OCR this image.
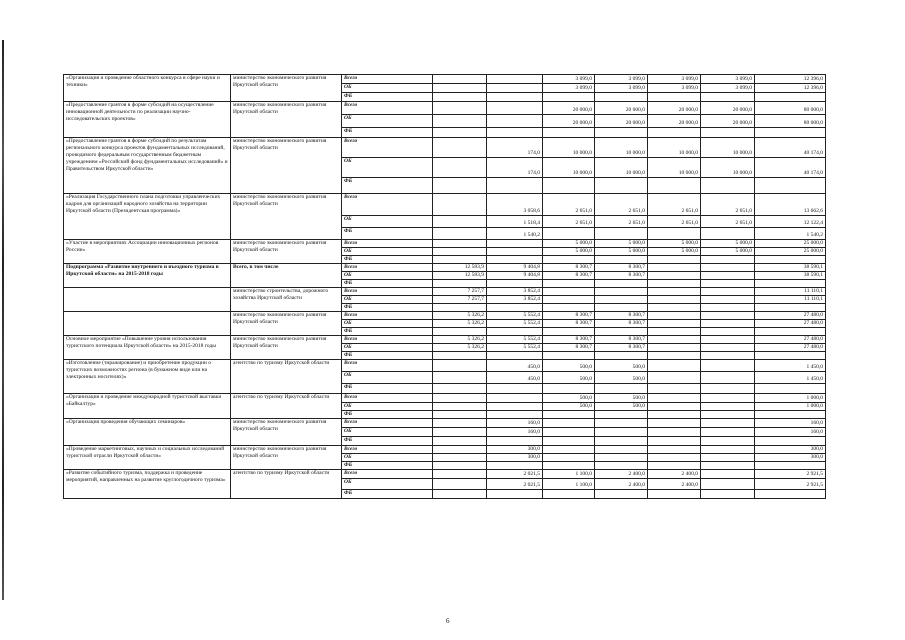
«Организация и проведение областного конкурса в сфере науки и техники»	министерство экономического развития Иркутской области	Всего			3 099,0	3 099,0	3 099,0	3 099,0	12 396,0
		ОБ			3 099,0	3 099,0	3 099,0	3 099,0	12 396,0
		ФБ							
«Предоставление грантов в форме субсидий на осуществление инновационной деятельности по реализации научно-исследовательских проектов»	министерство экономического развития Иркутской области	Всего			20 000,0	20 000,0	20 000,0	20 000,0	80 000,0
		ОБ			20 000,0	20 000,0	20 000,0	20 000,0	80 000,0
		ФБ							
«Предоставление грантов в форме субсидий по результатам регионального конкурса проектов фундаментальных исследований, проводимого федеральным государственным бюджетным учреждением «Российский фонд фундаментальных исследований» и Правительством Иркутской области»	министерство экономического развития Иркутской области	Всего		174,0	10 000,0	10 000,0	10 000,0	10 000,0	40 174,0
		ОБ		174,0	10 000,0	10 000,0	10 000,0	10 000,0	40 174,0
		ФБ							
«Реализация Государственного плана подготовки управленческих кадров для организаций народного хозяйства на территории Иркутской области (Президентская программа)»	министерство экономического развития Иркутской области	Всего		3 058,6	2 651,0	2 651,0	2 651,0	2 651,0	13 662,6
		ОБ		1 518,4	2 651,0	2 651,0	2 651,0	2 651,0	12 122,4
		ФБ		1 540,2					1 540,2
«Участие в мероприятиях Ассоциации инновационных регионов России»	министерство экономического развития Иркутской области	Всего			5 000,0	5 000,0	5 000,0	5 000,0	25 000,0
		ОБ			5 000,0	5 000,0	5 000,0	5 000,0	25 000,0
		ФБ							
Подпрограмма «Развитие внутреннего и въездного туризма в Иркутской области» на 2015-2018 годы	Всего, в том числе	Всего	12 583,9	9 404,8	8 300,7	8 300,7			38 590,1
		ОБ	12 583,9	9 404,8	8 300,7	8 300,7			38 590,1
		ФБ							
	министерство строительства, дорожного хозяйства Иркутской области	Всего	7 257,7	3 852,4					11 110,1
		ОБ	7 257,7	3 852,4					11 110,1
		ФБ							
	министерство экономического развития Иркутской области	Всего	5 326,2	5 552,4	8 300,7	8 300,7			27 480,0
		ОБ	5 326,2	5 552,4	8 300,7	8 300,7			27 480,0
		ФБ							
Основное мероприятие «Повышение уровня использования туристского потенциала Иркутской области» на 2015-2018 годы	министерство экономического развития Иркутской области	Всего	5 326,2	5 552,4	8 300,7	8 300,7			27 480,0
		ОБ	5 326,2	5 552,4	8 300,7	8 300,7			27 480,0
		ФБ							
«Изготовление (тиражирование) и приобретение продукции о туристских возможностях региона (в бумажном виде или на электронных носителях)»	агентство по туризму Иркутской области	Всего		450,0	500,0	500,0			1 450,0
		ОБ		450,0	500,0	500,0			1 450,0
		ФБ							
«Организация и проведение международной туристской выставки «Байкалтур»	агентство по туризму Иркутской области	Всего			500,0	500,0			1 000,0
		ОБ			500,0	500,0			1 000,0
		ФБ							
«Организация проведения обучающих семинаров»	министерство экономического развития Иркутской области	Всего		160,0					160,0
		ОБ		160,0					160,0
		ФБ							
«Проведение маркетинговых, научных и социальных исследований туристской отрасли Иркутской области»	министерство экономического развития Иркутской области	Всего		300,0					300,0
		ОБ		300,0					300,0
		ФБ							
«Развитие событийного туризма, поддержка и проведение мероприятий, направленных на развитие круглогодичного туризма»	агентство по туризму Иркутской области	Всего		2 021,5	1 100,0	2 400,0	2 400,0		2 921,5
		ОБ		2 021,5	1 100,0	2 400,0	2 400,0		2 921,5
		ФБ							
6
